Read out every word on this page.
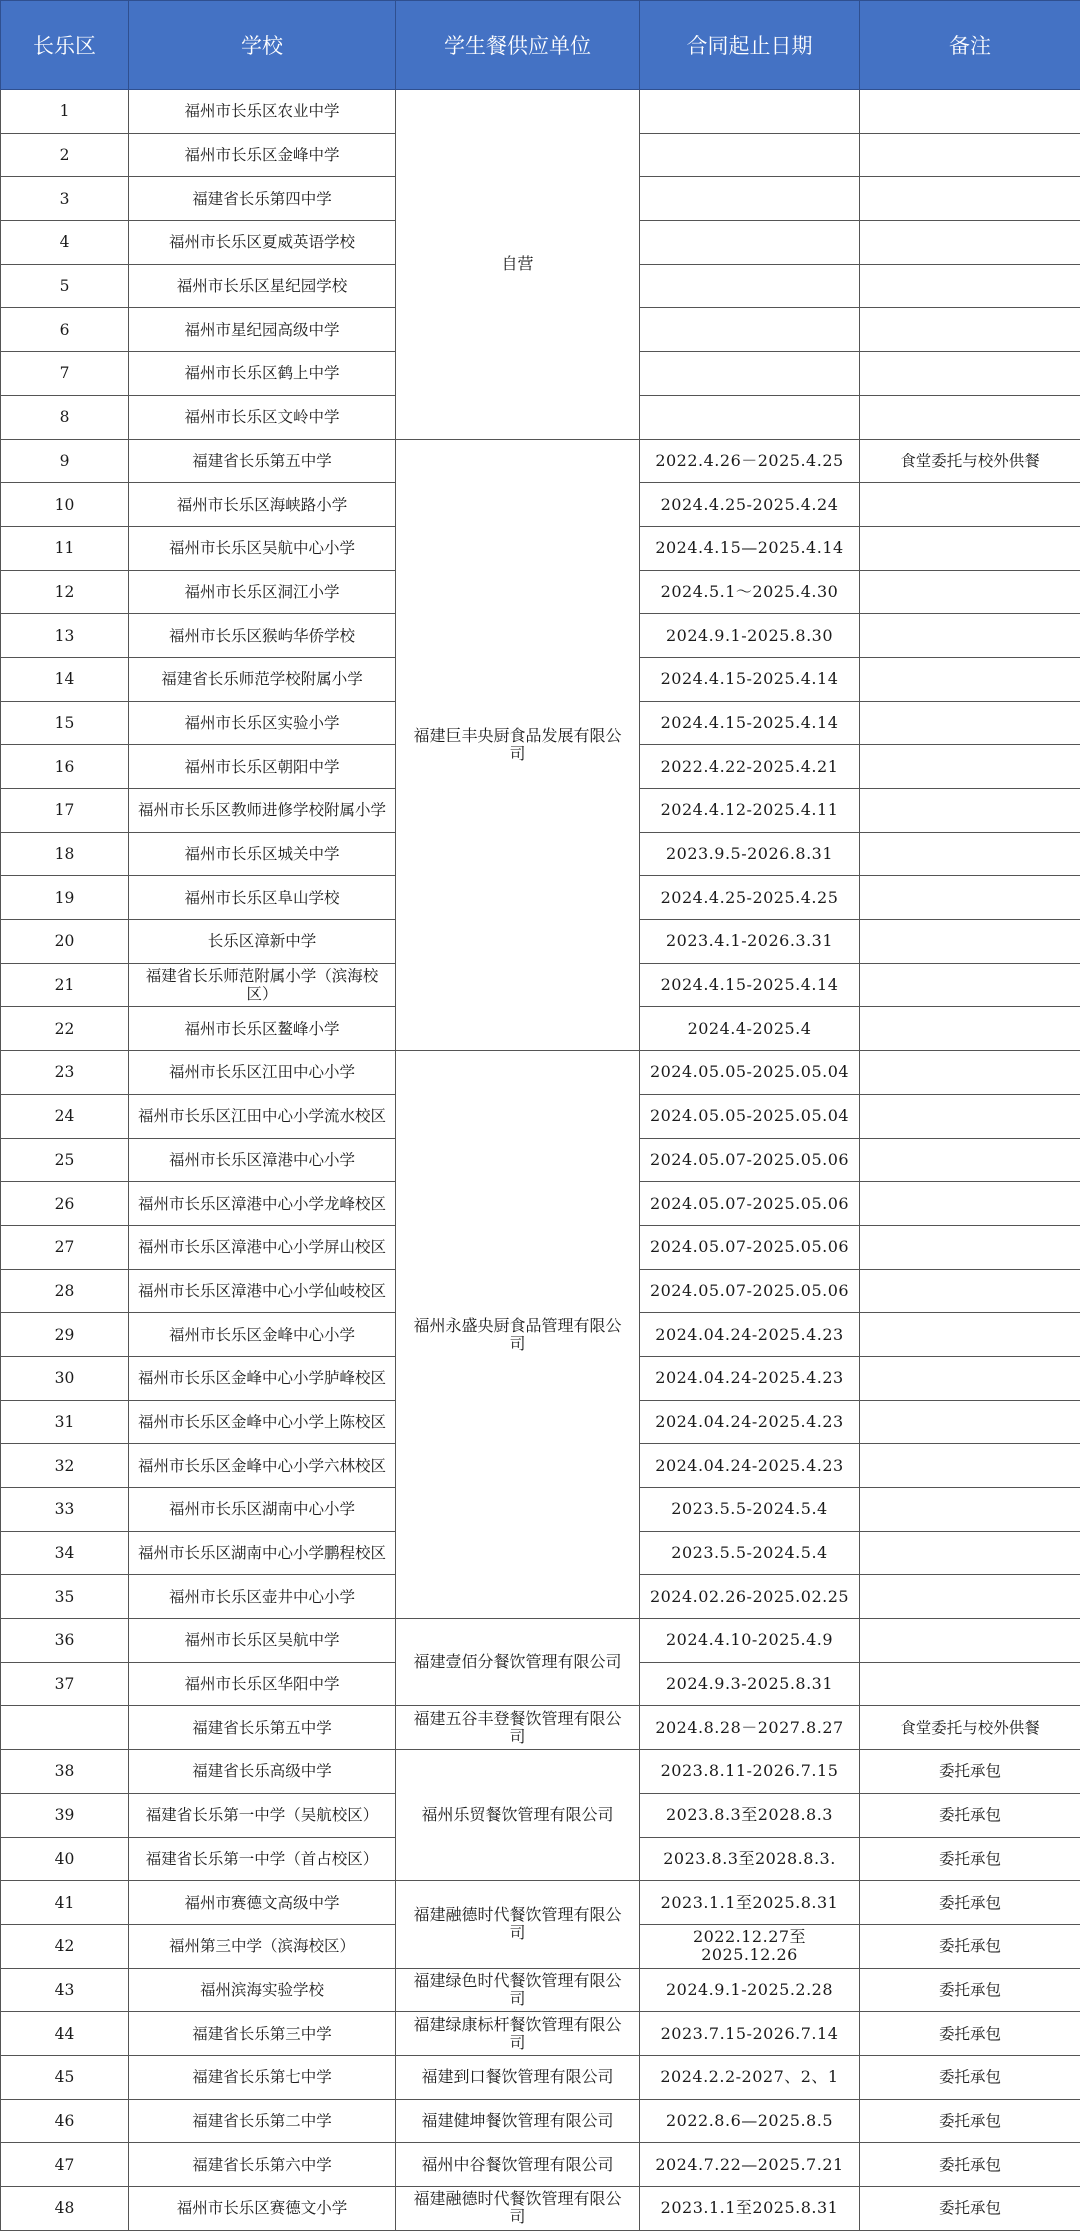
长乐区	学校	学生餐供应单位	合同起止日期	备注
1	福州市长乐区农业中学	自营		
2	福州市长乐区金峰中学			
3	福建省长乐第四中学			
4	福州市长乐区夏威英语学校			
5	福州市长乐区星纪园学校			
6	福州市星纪园高级中学			
7	福州市长乐区鹤上中学			
8	福州市长乐区文岭中学			
9	福建省长乐第五中学	福建巨丰央厨食品发展有限公司	2022.4.26－2025.4.25	食堂委托与校外供餐
10	福州市长乐区海峡路小学		2024.4.25-2025.4.24	
11	福州市长乐区吴航中心小学		2024.4.15—2025.4.14	
12	福州市长乐区洞江小学		2024.5.1～2025.4.30	
13	福州市长乐区猴屿华侨学校		2024.9.1-2025.8.30	
14	福建省长乐师范学校附属小学		2024.4.15-2025.4.14	
15	福州市长乐区实验小学		2024.4.15-2025.4.14	
16	福州市长乐区朝阳中学		2022.4.22-2025.4.21	
17	福州市长乐区教师进修学校附属小学		2024.4.12-2025.4.11	
18	福州市长乐区城关中学		2023.9.5-2026.8.31	
19	福州市长乐区阜山学校		2024.4.25-2025.4.25	
20	长乐区漳新中学		2023.4.1-2026.3.31	
21	福建省长乐师范附属小学（滨海校区）		2024.4.15-2025.4.14	
22	福州市长乐区鳌峰小学		2024.4-2025.4	
23	福州市长乐区江田中心小学	福州永盛央厨食品管理有限公司	2024.05.05-2025.05.04	
24	福州市长乐区江田中心小学流水校区		2024.05.05-2025.05.04	
25	福州市长乐区漳港中心小学		2024.05.07-2025.05.06	
26	福州市长乐区漳港中心小学龙峰校区		2024.05.07-2025.05.06	
27	福州市长乐区漳港中心小学屏山校区		2024.05.07-2025.05.06	
28	福州市长乐区漳港中心小学仙岐校区		2024.05.07-2025.05.06	
29	福州市长乐区金峰中心小学		2024.04.24-2025.4.23	
30	福州市长乐区金峰中心小学胪峰校区		2024.04.24-2025.4.23	
31	福州市长乐区金峰中心小学上陈校区		2024.04.24-2025.4.23	
32	福州市长乐区金峰中心小学六林校区		2024.04.24-2025.4.23	
33	福州市长乐区湖南中心小学		2023.5.5-2024.5.4	
34	福州市长乐区湖南中心小学鹏程校区		2023.5.5-2024.5.4	
35	福州市长乐区壶井中心小学		2024.02.26-2025.02.25	
36	福州市长乐区吴航中学	福建壹佰分餐饮管理有限公司	2024.4.10-2025.4.9	
37	福州市长乐区华阳中学		2024.9.3-2025.8.31	
	福建省长乐第五中学	福建五谷丰登餐饮管理有限公司	2024.8.28－2027.8.27	食堂委托与校外供餐
38	福建省长乐高级中学	福州乐贸餐饮管理有限公司	2023.8.11-2026.7.15	委托承包
39	福建省长乐第一中学（吴航校区）		2023.8.3至2028.8.3	委托承包
40	福建省长乐第一中学（首占校区）		2023.8.3至2028.8.3.	委托承包
41	福州市赛德文高级中学	福建融德时代餐饮管理有限公司	2023.1.1至2025.8.31	委托承包
42	福州第三中学（滨海校区）		2022.12.27至2025.12.26	委托承包
43	福州滨海实验学校	福建绿色时代餐饮管理有限公司	2024.9.1-2025.2.28	委托承包
44	福建省长乐第三中学	福建绿康标杆餐饮管理有限公司	2023.7.15-2026.7.14	委托承包
45	福建省长乐第七中学	福建到口餐饮管理有限公司	2024.2.2-2027、2、1	委托承包
46	福建省长乐第二中学	福建健坤餐饮管理有限公司	2022.8.6—2025.8.5	委托承包
47	福建省长乐第六中学	福州中谷餐饮管理有限公司	2024.7.22—2025.7.21	委托承包
48	福州市长乐区赛德文小学	福建融德时代餐饮管理有限公司	2023.1.1至2025.8.31	委托承包
